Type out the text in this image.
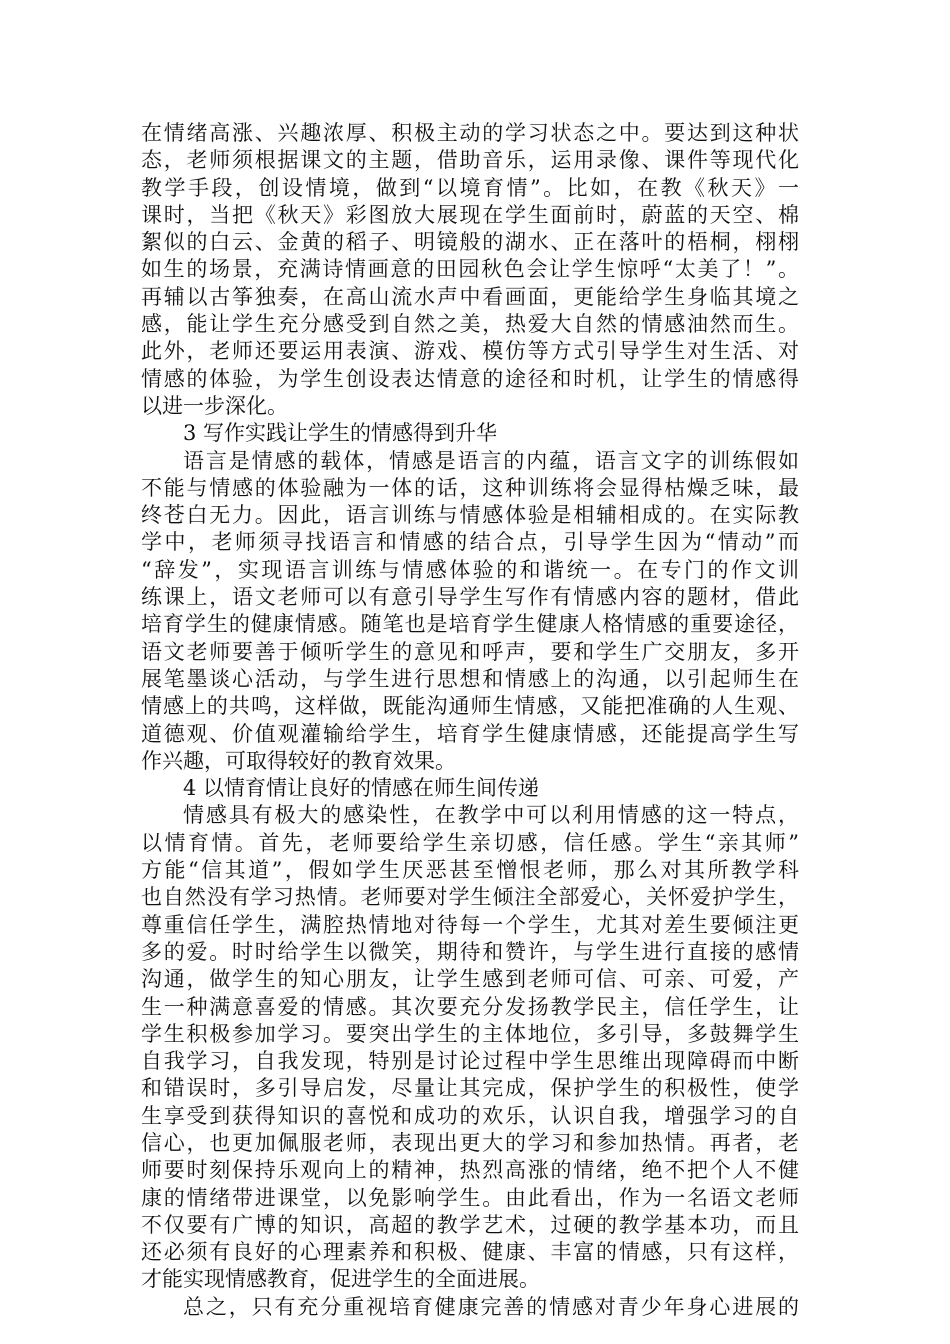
在情绪高涨、兴趣浓厚、积极主动的学习状态之中。要达到这种状
态，老师须根据课文的主题，借助音乐，运用录像、课件等现代化
教学手段，创设情境，做到“以境育情”。比如，在教《秋天》一
课时，当把《秋天》彩图放大展现在学生面前时，蔚蓝的天空、棉
絮似的白云、金黄的稻子、明镜般的湖水、正在落叶的梧桐，栩栩
如生的场景，充满诗情画意的田园秋色会让学生惊呼“太美了！”。
再辅以古筝独奏，在高山流水声中看画面，更能给学生身临其境之
感，能让学生充分感受到自然之美，热爱大自然的情感油然而生。
此外，老师还要运用表演、游戏、模仿等方式引导学生对生活、对
情感的体验，为学生创设表达情意的途径和时机，让学生的情感得
以进一步深化。
3 写作实践让学生的情感得到升华
语言是情感的载体，情感是语言的内蕴，语言文字的训练假如
不能与情感的体验融为一体的话，这种训练将会显得枯燥乏味，最
终苍白无力。因此，语言训练与情感体验是相辅相成的。在实际教
学中，老师须寻找语言和情感的结合点，引导学生因为“情动”而
“辞发”，实现语言训练与情感体验的和谐统一。在专门的作文训
练课上，语文老师可以有意引导学生写作有情感内容的题材，借此
培育学生的健康情感。随笔也是培育学生健康人格情感的重要途径，
语文老师要善于倾听学生的意见和呼声，要和学生广交朋友，多开
展笔墨谈心活动，与学生进行思想和情感上的沟通，以引起师生在
情感上的共鸣，这样做，既能沟通师生情感，又能把准确的人生观、
道德观、价值观灌输给学生，培育学生健康情感，还能提高学生写
作兴趣，可取得较好的教育效果。
4 以情育情让良好的情感在师生间传递
情感具有极大的感染性，在教学中可以利用情感的这一特点，
以情育情。首先，老师要给学生亲切感，信任感。学生“亲其师”
方能“信其道”，假如学生厌恶甚至憎恨老师，那么对其所教学科
也自然没有学习热情。老师要对学生倾注全部爱心，关怀爱护学生，
尊重信任学生，满腔热情地对待每一个学生，尤其对差生要倾注更
多的爱。时时给学生以微笑，期待和赞许，与学生进行直接的感情
沟通，做学生的知心朋友，让学生感到老师可信、可亲、可爱，产
生一种满意喜爱的情感。其次要充分发扬教学民主，信任学生，让
学生积极参加学习。要突出学生的主体地位，多引导，多鼓舞学生
自我学习，自我发现，特别是讨论过程中学生思维出现障碍而中断
和错误时，多引导启发，尽量让其完成，保护学生的积极性，使学
生享受到获得知识的喜悦和成功的欢乐，认识自我，增强学习的自
信心，也更加佩服老师，表现出更大的学习和参加热情。再者，老
师要时刻保持乐观向上的精神，热烈高涨的情绪，绝不把个人不健
康的情绪带进课堂，以免影响学生。由此看出，作为一名语文老师
不仅要有广博的知识，高超的教学艺术，过硬的教学基本功，而且
还必须有良好的心理素养和积极、健康、丰富的情感，只有这样，
才能实现情感教育，促进学生的全面进展。
总之，只有充分重视培育健康完善的情感对青少年身心进展的
